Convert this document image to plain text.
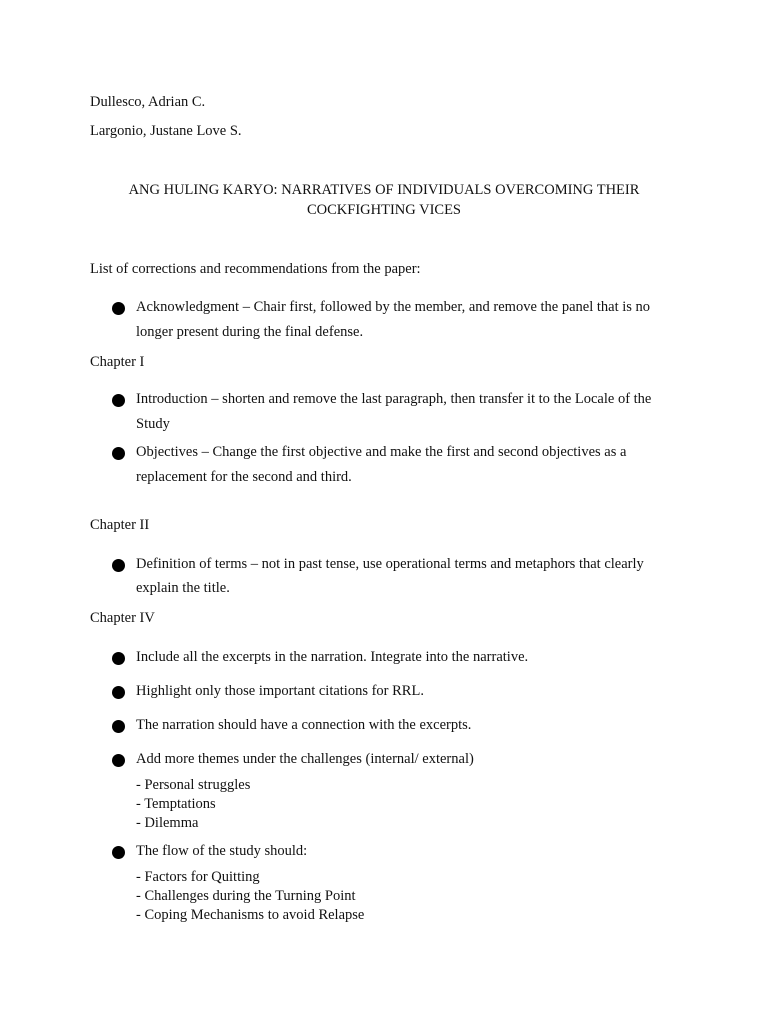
Dullesco, Adrian C.
Largonio, Justane Love S.
ANG HULING KARYO: NARRATIVES OF INDIVIDUALS OVERCOMING THEIR
COCKFIGHTING VICES
List of corrections and recommendations from the paper:
Acknowledgment – Chair first, followed by the member, and remove the panel that is no
longer present during the final defense.
Chapter I
Introduction – shorten and remove the last paragraph, then transfer it to the Locale of the
Study
Objectives – Change the first objective and make the first and second objectives as a
replacement for the second and third.
Chapter II
Definition of terms – not in past tense, use operational terms and metaphors that clearly
explain the title.
Chapter IV
Include all the excerpts in the narration. Integrate into the narrative.
Highlight only those important citations for RRL.
The narration should have a connection with the excerpts.
Add more themes under the challenges (internal/ external)
- Personal struggles
- Temptations
- Dilemma
The flow of the study should:
- Factors for Quitting
- Challenges during the Turning Point
- Coping Mechanisms to avoid Relapse
